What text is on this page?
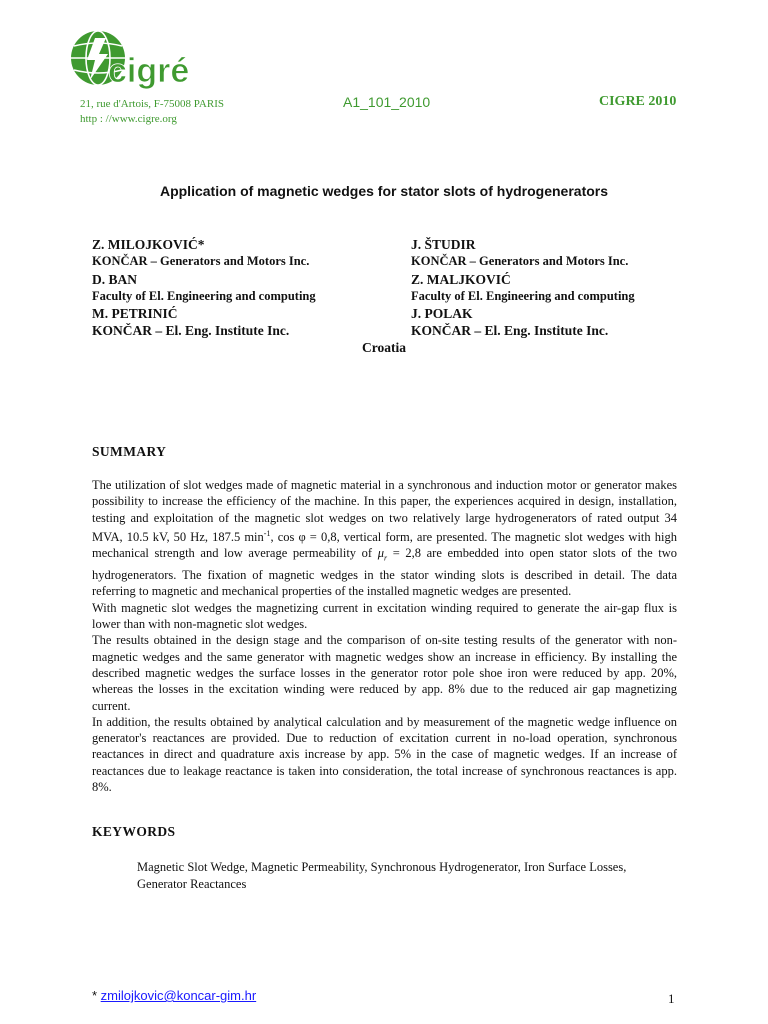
cigré
21, rue d'Artois, F-75008 PARIS
http : //www.cigre.org
A1_101_2010	CIGRE 2010
Application of magnetic wedges for stator slots of hydrogenerators
Z. MILOJKOVIĆ*
KONČAR – Generators and Motors Inc.
D. BAN
Faculty of El. Engineering and computing
M. PETRINIĆ
KONČAR – El. Eng. Institute Inc.
J. ŠTUDIR
KONČAR – Generators and Motors Inc.
Z. MALJKOVIĆ
Faculty of El. Engineering and computing
J. POLAK
KONČAR – El. Eng. Institute Inc.
Croatia
SUMMARY

The utilization of slot wedges made of magnetic material in a synchronous and induction motor or generator makes possibility to increase the efficiency of the machine. In this paper, the experiences acquired in design, installation, testing and exploitation of the magnetic slot wedges on two relatively large hydrogenerators of rated output 34 MVA, 10.5 kV, 50 Hz, 187.5 $\min^{-1}$, cos φ = 0,8, vertical form, are presented. The magnetic slot wedges with high mechanical strength and low average permeability of $\mu_r = 2,8$ are embedded into open stator slots of the two hydrogenerators. The fixation of magnetic wedges in the stator winding slots is described in detail. The data referring to magnetic and mechanical properties of the installed magnetic wedges are presented.

With magnetic slot wedges the magnetizing current in excitation winding required to generate the air-gap flux is lower than with non-magnetic slot wedges.

The results obtained in the design stage and the comparison of on-site testing results of the generator with non-magnetic wedges and the same generator with magnetic wedges show an increase in efficiency. By installing the described magnetic wedges the surface losses in the generator rotor pole shoe iron were reduced by app. 20%, whereas the losses in the excitation winding were reduced by app. 8% due to the reduced air gap magnetizing current.

In addition, the results obtained by analytical calculation and by measurement of the magnetic wedge influence on generator's reactances are provided. Due to reduction of excitation current in no-load operation, synchronous reactances in direct and quadrature axis increase by app. 5% in the case of magnetic wedges. If an increase of reactances due to leakage reactance is taken into consideration, the total increase of synchronous reactances is app. 8%.

KEYWORDS
Magnetic Slot Wedge, Magnetic Permeability, Synchronous Hydrogenerator, Iron Surface Losses, Generator Reactances
* zmilojkovic@koncar-gim.hr	1
